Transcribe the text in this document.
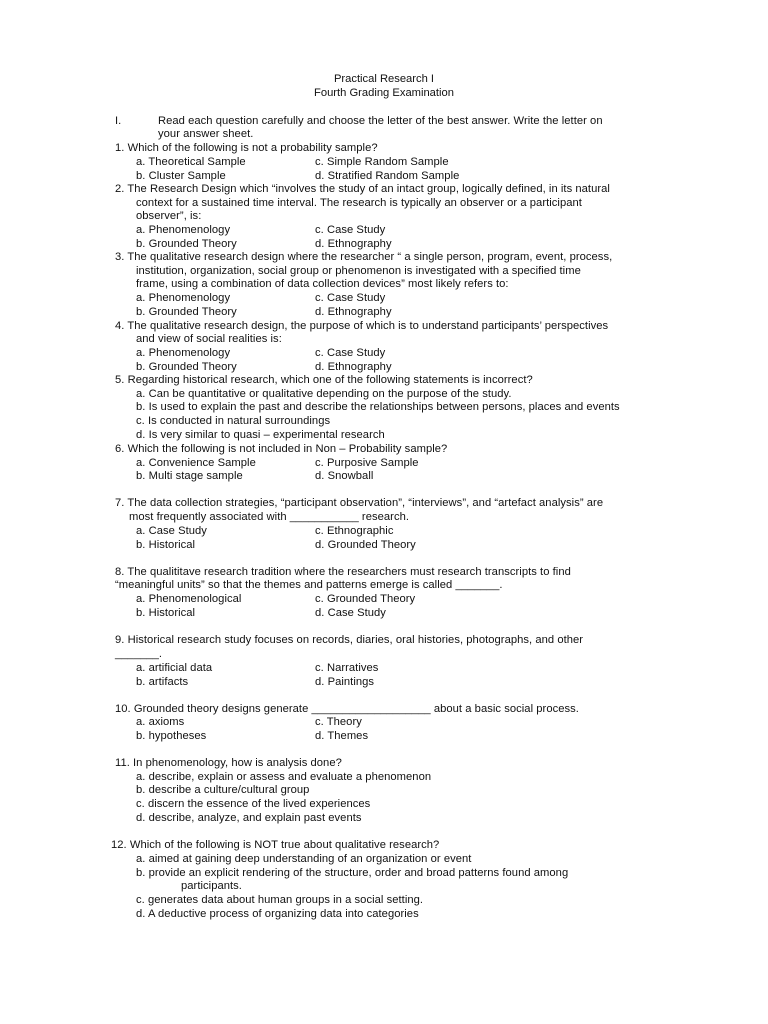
Practical Research I
Fourth Grading Examination
I.	Read each question carefully and choose the letter of the best answer. Write the letter on
your answer sheet.
1. Which of the following is not a probability sample?
a. Theoretical Sample	c. Simple Random Sample
b. Cluster Sample	d. Stratified Random Sample
2. The Research Design which “involves the study of an intact group, logically defined, in its natural
context for a sustained time interval. The research is typically an observer or a participant
observer”, is:
a. Phenomenology	c. Case Study
b. Grounded Theory	d. Ethnography
3. The qualitative research design where the researcher “ a single person, program, event, process,
institution, organization, social group or phenomenon is investigated with a specified time
frame, using a combination of data collection devices” most likely refers to:
a. Phenomenology	c. Case Study
b. Grounded Theory	d. Ethnography
4. The qualitative research design, the purpose of which is to understand participants’ perspectives
and view of social realities is:
a. Phenomenology	c. Case Study
b. Grounded Theory	d. Ethnography
5. Regarding historical research, which one of the following statements is incorrect?
a. Can be quantitative or qualitative depending on the purpose of the study.
b. Is used to explain the past and describe the relationships between persons, places and events
c. Is conducted in natural surroundings
d. Is very similar to quasi – experimental research
6. Which the following is not included in Non – Probability sample?
a. Convenience Sample	c. Purposive Sample
b. Multi stage sample	d. Snowball
7. The data collection strategies, “participant observation”, “interviews”, and “artefact analysis” are
most frequently associated with ___________ research.
a. Case Study	c. Ethnographic
b. Historical	d. Grounded Theory
8. The qualititave research tradition where the researchers must research transcripts to find
“meaningful units” so that the themes and patterns emerge is called _______.
a. Phenomenological	c. Grounded Theory
b. Historical	d. Case Study
9. Historical research study focuses on records, diaries, oral histories, photographs, and other
_______.
a. artificial data	c. Narratives
b. artifacts	d. Paintings
10. Grounded theory designs generate ___________________ about a basic social process.
a. axioms	c. Theory
b. hypotheses	d. Themes
11. In phenomenology, how is analysis done?
a. describe, explain or assess and evaluate a phenomenon
b. describe a culture/cultural group
c. discern the essence of the lived experiences
d. describe, analyze, and explain past events
12. Which of the following is NOT true about qualitative research?
a. aimed at gaining deep understanding of an organization or event
b. provide an explicit rendering of the structure, order and broad patterns found among
participants.
c. generates data about human groups in a social setting.
d. A deductive process of organizing data into categories
